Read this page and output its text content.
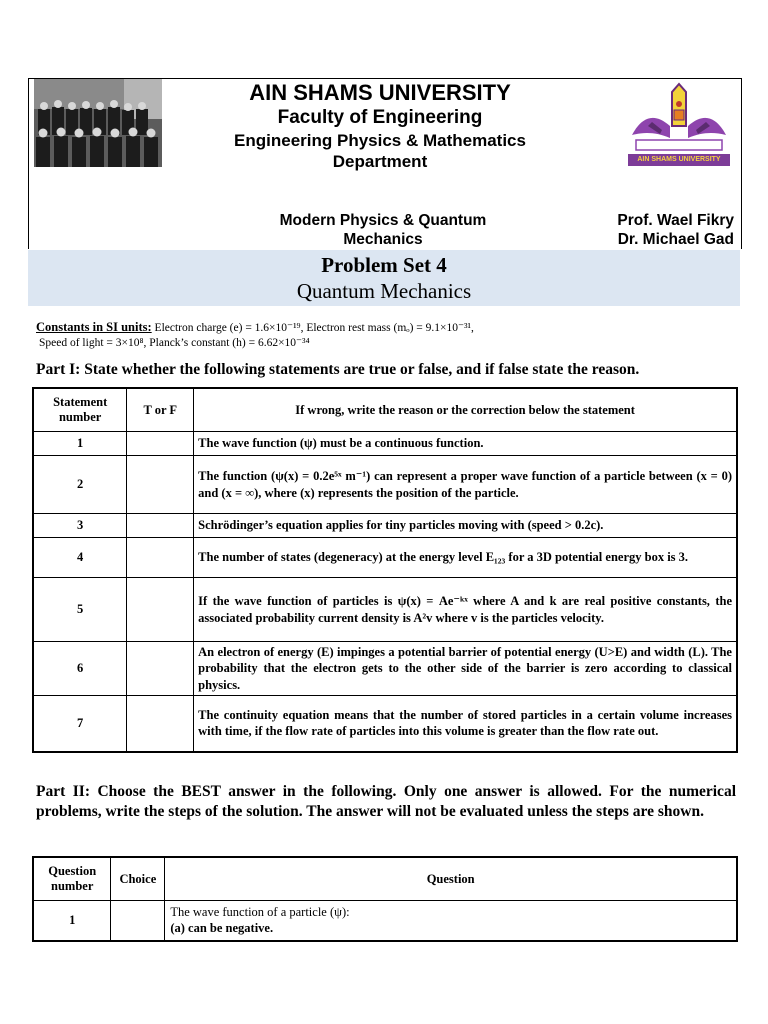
AIN SHAMS UNIVERSITY
AIN SHAMS UNIVERSITY
Faculty of Engineering
Engineering Physics & Mathematics
Department
Modern Physics & Quantum
Mechanics
Prof. Wael Fikry
Dr. Michael Gad
Problem Set 4
Quantum Mechanics
Constants in SI units: Electron charge (e) = 1.6×10⁻¹⁹, Electron rest mass (mₒ) = 9.1×10⁻³¹,
Speed of light = 3×10⁸, Planck’s constant (h) = 6.62×10⁻³⁴
Part I: State whether the following statements are true or false, and if false state the reason.
Statement number	T or F	If wrong, write the reason or the correction below the statement
1		The wave function (ψ) must be a continuous function.
2		The function (ψ(x) = 0.2e⁵ˣ m⁻¹) can represent a proper wave function of a particle between (x = 0) and (x = ∞), where (x) represents the position of the particle.
3		Schrödinger’s equation applies for tiny particles moving with (speed > 0.2c).
4		The number of states (degeneracy) at the energy level E₁₂₃ for a 3D potential energy box is 3.
5		If the wave function of particles is ψ(x) = Ae⁻ᵏˣ where A and k are real positive constants, the associated probability current density is A²v where v is the particles velocity.
6		An electron of energy (E) impinges a potential barrier of potential energy (U>E) and width (L). The probability that the electron gets to the other side of the barrier is zero according to classical physics.
7		The continuity equation means that the number of stored particles in a certain volume increases with time, if the flow rate of particles into this volume is greater than the flow rate out.
Part II: Choose the BEST answer in the following. Only one answer is allowed. For the numerical problems, write the steps of the solution. The answer will not be evaluated unless the steps are shown.
Question number	Choice	Question
1		The wave function of a particle (ψ):
(a) can be negative.
